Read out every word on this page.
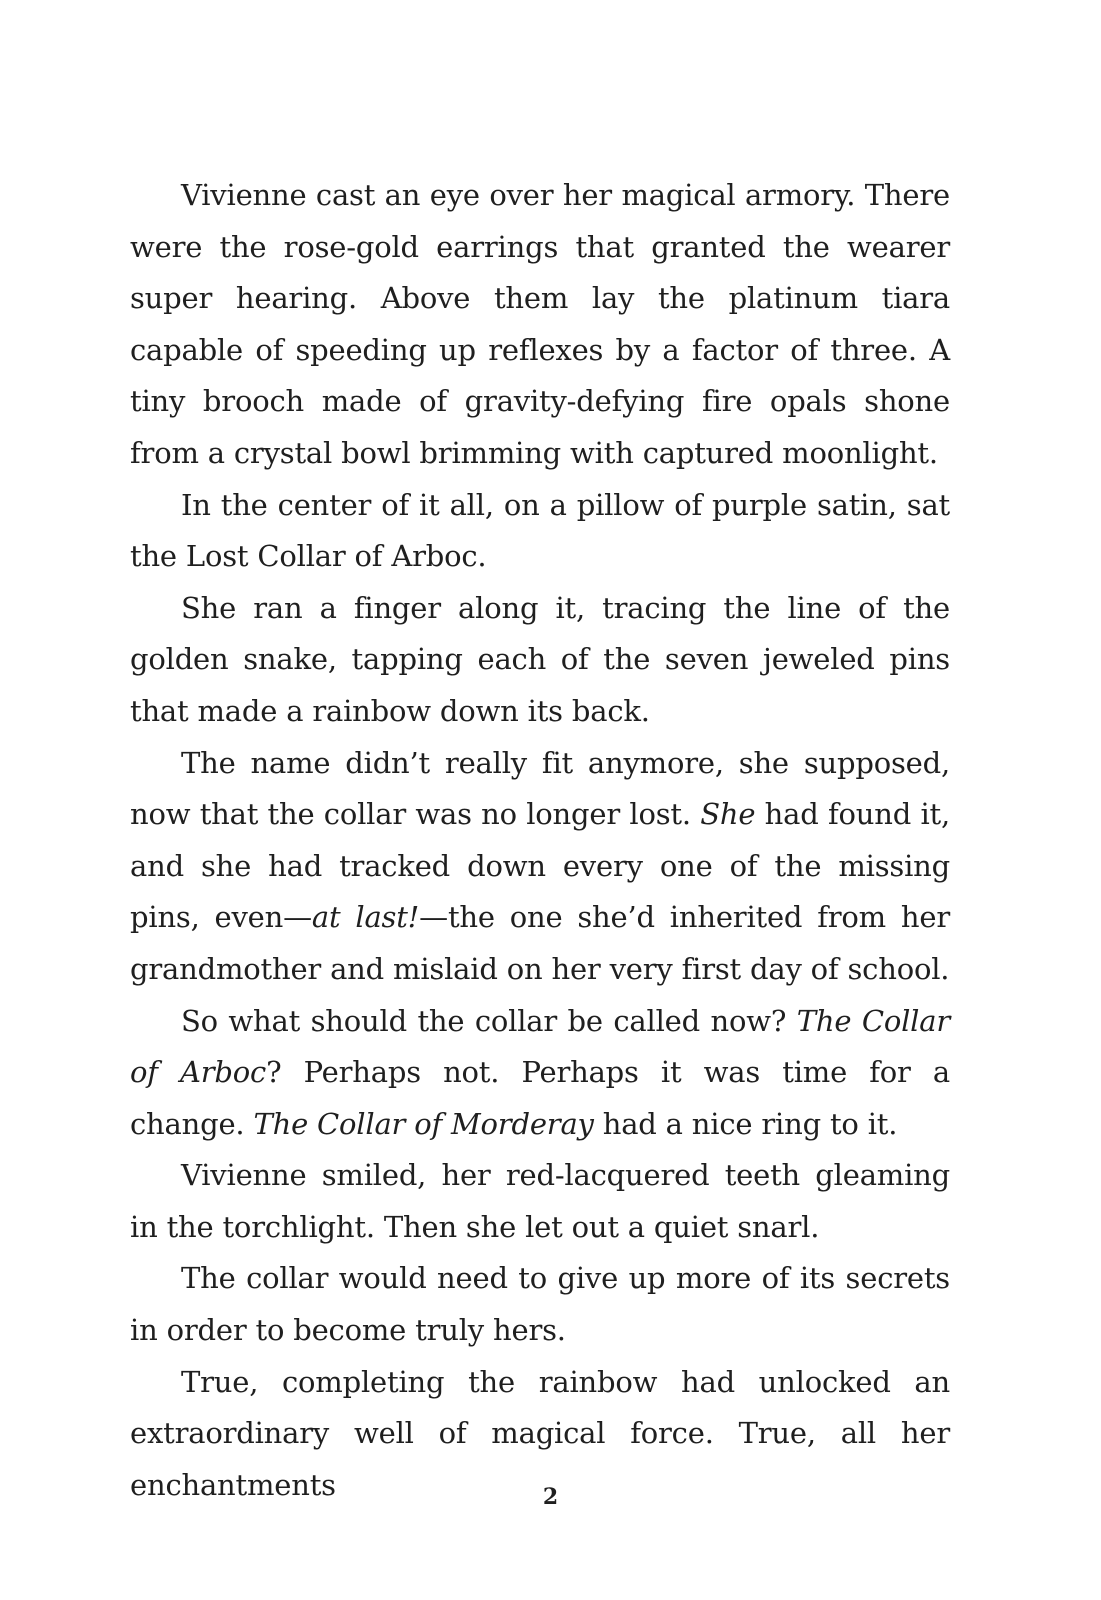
Vivienne cast an eye over her magical armory. There were the rose-gold earrings that granted the wearer super hearing. Above them lay the platinum tiara capable of speeding up reflexes by a factor of three. A tiny brooch made of gravity-defying fire opals shone from a crystal bowl brimming with captured moonlight.

In the center of it all, on a pillow of purple satin, sat the Lost Collar of Arboc.

She ran a finger along it, tracing the line of the golden snake, tapping each of the seven jeweled pins that made a rainbow down its back.

The name didn’t really fit anymore, she supposed, now that the collar was no longer lost. She had found it, and she had tracked down every one of the missing pins, even—at last!—the one she’d inherited from her grandmother and mislaid on her very first day of school.

So what should the collar be called now? The Collar of Arboc? Perhaps not. Perhaps it was time for a change. The Collar of Morderay had a nice ring to it.

Vivienne smiled, her red-lacquered teeth gleaming in the torchlight. Then she let out a quiet snarl.

The collar would need to give up more of its secrets in order to become truly hers.

True, completing the rainbow had unlocked an extraordinary well of magical force. True, all her enchantments	2
